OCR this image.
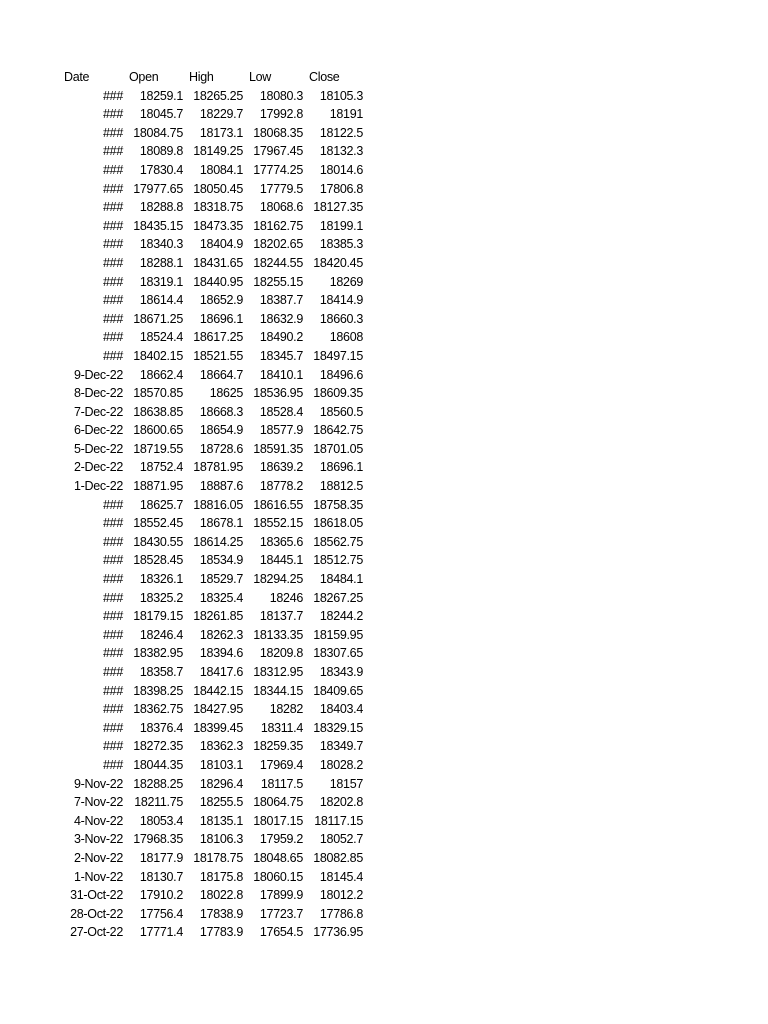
Date	Open	High	Low	Close
###	18259.1	18265.25	18080.3	18105.3
###	18045.7	18229.7	17992.8	18191
###	18084.75	18173.1	18068.35	18122.5
###	18089.8	18149.25	17967.45	18132.3
###	17830.4	18084.1	17774.25	18014.6
###	17977.65	18050.45	17779.5	17806.8
###	18288.8	18318.75	18068.6	18127.35
###	18435.15	18473.35	18162.75	18199.1
###	18340.3	18404.9	18202.65	18385.3
###	18288.1	18431.65	18244.55	18420.45
###	18319.1	18440.95	18255.15	18269
###	18614.4	18652.9	18387.7	18414.9
###	18671.25	18696.1	18632.9	18660.3
###	18524.4	18617.25	18490.2	18608
###	18402.15	18521.55	18345.7	18497.15
9-Dec-22	18662.4	18664.7	18410.1	18496.6
8-Dec-22	18570.85	18625	18536.95	18609.35
7-Dec-22	18638.85	18668.3	18528.4	18560.5
6-Dec-22	18600.65	18654.9	18577.9	18642.75
5-Dec-22	18719.55	18728.6	18591.35	18701.05
2-Dec-22	18752.4	18781.95	18639.2	18696.1
1-Dec-22	18871.95	18887.6	18778.2	18812.5
###	18625.7	18816.05	18616.55	18758.35
###	18552.45	18678.1	18552.15	18618.05
###	18430.55	18614.25	18365.6	18562.75
###	18528.45	18534.9	18445.1	18512.75
###	18326.1	18529.7	18294.25	18484.1
###	18325.2	18325.4	18246	18267.25
###	18179.15	18261.85	18137.7	18244.2
###	18246.4	18262.3	18133.35	18159.95
###	18382.95	18394.6	18209.8	18307.65
###	18358.7	18417.6	18312.95	18343.9
###	18398.25	18442.15	18344.15	18409.65
###	18362.75	18427.95	18282	18403.4
###	18376.4	18399.45	18311.4	18329.15
###	18272.35	18362.3	18259.35	18349.7
###	18044.35	18103.1	17969.4	18028.2
9-Nov-22	18288.25	18296.4	18117.5	18157
7-Nov-22	18211.75	18255.5	18064.75	18202.8
4-Nov-22	18053.4	18135.1	18017.15	18117.15
3-Nov-22	17968.35	18106.3	17959.2	18052.7
2-Nov-22	18177.9	18178.75	18048.65	18082.85
1-Nov-22	18130.7	18175.8	18060.15	18145.4
31-Oct-22	17910.2	18022.8	17899.9	18012.2
28-Oct-22	17756.4	17838.9	17723.7	17786.8
27-Oct-22	17771.4	17783.9	17654.5	17736.95
